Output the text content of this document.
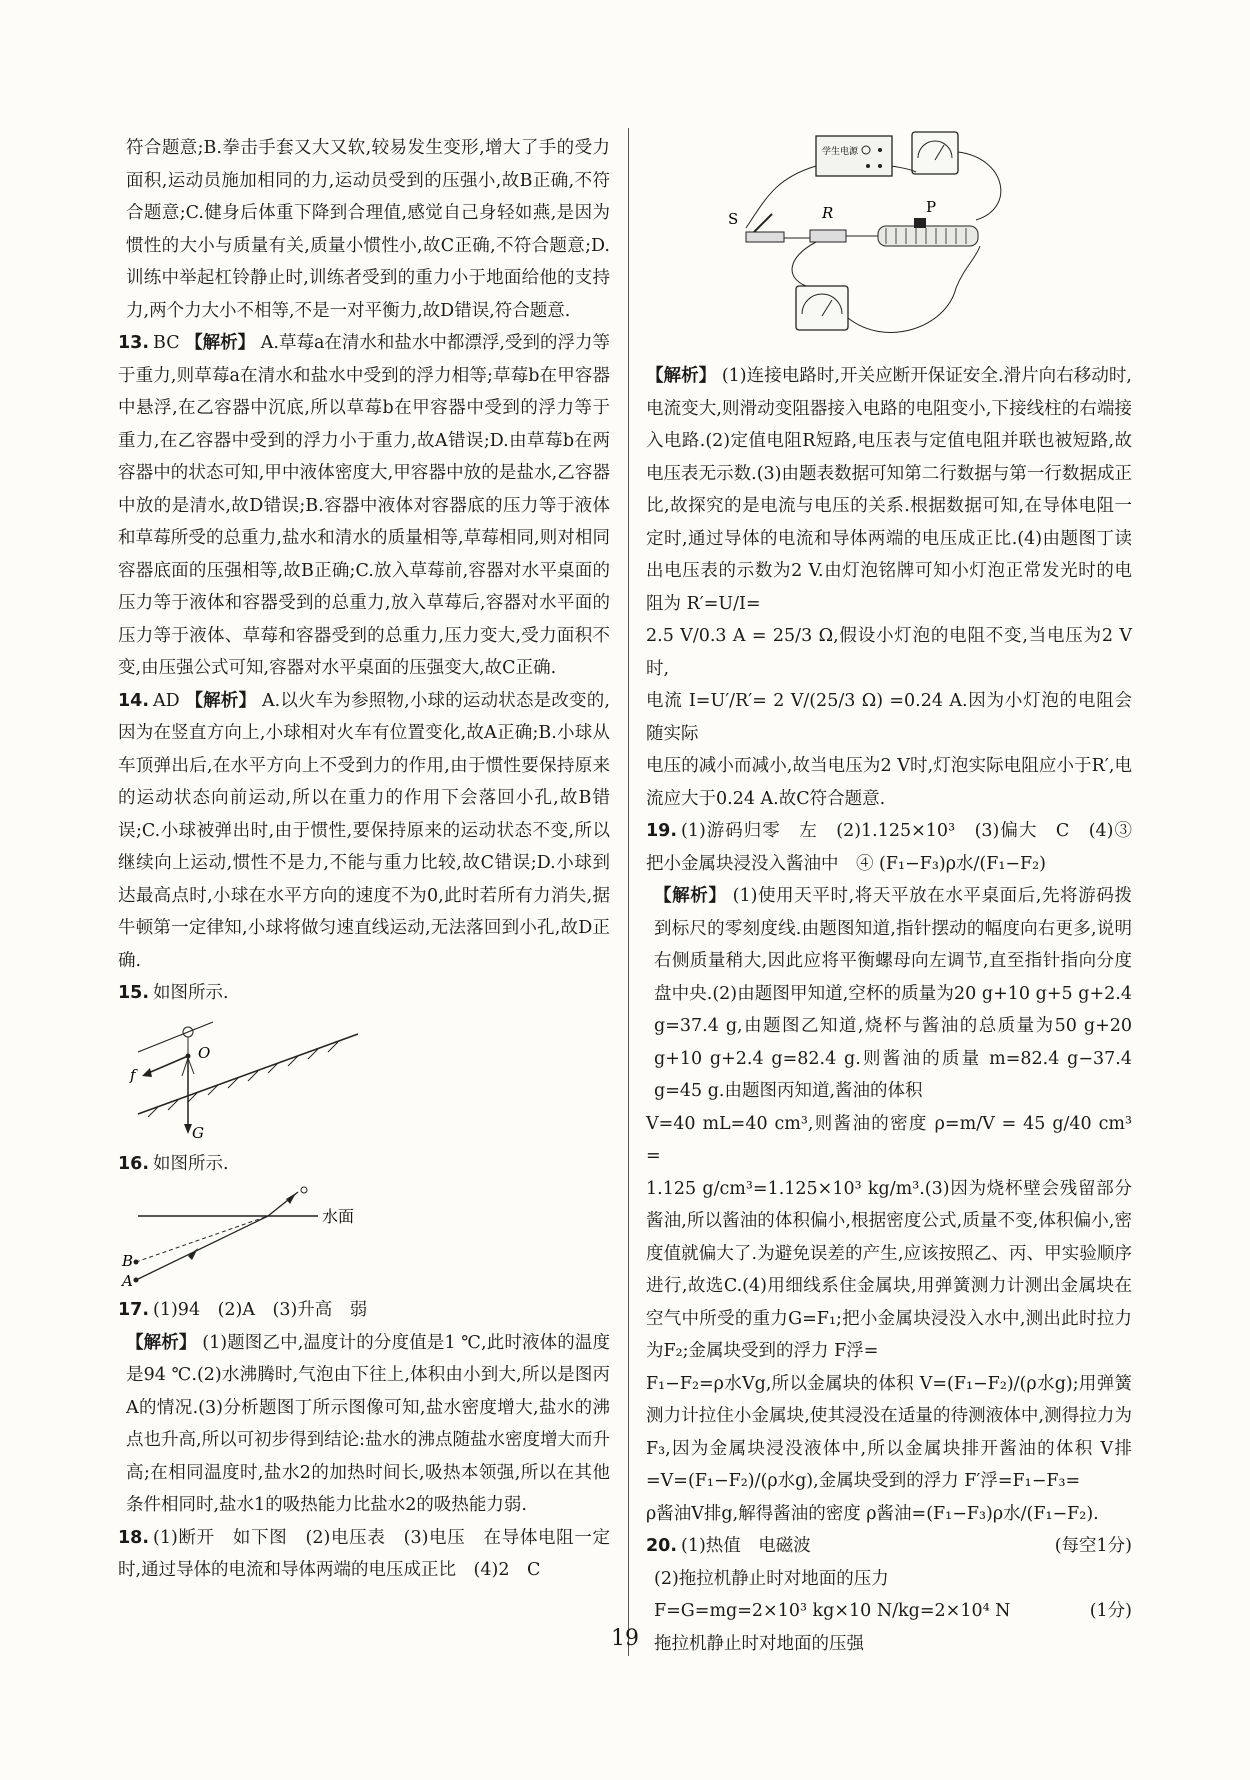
符合题意;B.拳击手套又大又软,较易发生变形,增大了手的受力面积,运动员施加相同的力,运动员受到的压强小,故B正确,不符合题意;C.健身后体重下降到合理值,感觉自己身轻如燕,是因为惯性的大小与质量有关,质量小惯性小,故C正确,不符合题意;D.训练中举起杠铃静止时,训练者受到的重力小于地面给他的支持力,两个力大小不相等,不是一对平衡力,故D错误,符合题意.

13. BC 【解析】 A.草莓a在清水和盐水中都漂浮,受到的浮力等于重力,则草莓a在清水和盐水中受到的浮力相等;草莓b在甲容器中悬浮,在乙容器中沉底,所以草莓b在甲容器中受到的浮力等于重力,在乙容器中受到的浮力小于重力,故A错误;D.由草莓b在两容器中的状态可知,甲中液体密度大,甲容器中放的是盐水,乙容器中放的是清水,故D错误;B.容器中液体对容器底的压力等于液体和草莓所受的总重力,盐水和清水的质量相等,草莓相同,则对相同容器底面的压强相等,故B正确;C.放入草莓前,容器对水平桌面的压力等于液体和容器受到的总重力,放入草莓后,容器对水平面的压力等于液体、草莓和容器受到的总重力,压力变大,受力面积不变,由压强公式可知,容器对水平桌面的压强变大,故C正确.

14. AD 【解析】 A.以火车为参照物,小球的运动状态是改变的,因为在竖直方向上,小球相对火车有位置变化,故A正确;B.小球从车顶弹出后,在水平方向上不受到力的作用,由于惯性要保持原来的运动状态向前运动,所以在重力的作用下会落回小孔,故B错误;C.小球被弹出时,由于惯性,要保持原来的运动状态不变,所以继续向上运动,惯性不是力,不能与重力比较,故C错误;D.小球到达最高点时,小球在水平方向的速度不为0,此时若所有力消失,据牛顿第一定律知,小球将做匀速直线运动,无法落回到小孔,故D正确.

15. 如图所示.

f
O
G

16. 如图所示.

水面
B
A

17. (1)94　(2)A　(3)升高　弱

【解析】 (1)题图乙中,温度计的分度值是1 ℃,此时液体的温度是94 ℃.(2)水沸腾时,气泡由下往上,体积由小到大,所以是图丙A的情况.(3)分析题图丁所示图像可知,盐水密度增大,盐水的沸点也升高,所以可初步得到结论:盐水的沸点随盐水密度增大而升高;在相同温度时,盐水2的加热时间长,吸热本领强,所以在其他条件相同时,盐水1的吸热能力比盐水2的吸热能力弱.

18. (1)断开　如下图　(2)电压表　(3)电压　在导体电阻一定时,通过导体的电流和导体两端的电压成正比　(4)2　C

学生电源
S	R	P

【解析】 (1)连接电路时,开关应断开保证安全.滑片向右移动时,电流变大,则滑动变阻器接入电路的电阻变小,下接线柱的右端接入电路.(2)定值电阻R短路,电压表与定值电阻并联也被短路,故电压表无示数.(3)由题表数据可知第二行数据与第一行数据成正比,故探究的是电流与电压的关系.根据数据可知,在导体电阻一定时,通过导体的电流和导体两端的电压成正比.(4)由题图丁读出电压表的示数为2 V.由灯泡铭牌可知小灯泡正常发光时的电阻为 R′=U/I=

2.5 V/0.3 A = 25/3 Ω,假设小灯泡的电阻不变,当电压为2 V时,

电流 I=U′/R′= 2 V/(25/3 Ω) =0.24 A.因为小灯泡的电阻会随实际

电压的减小而减小,故当电压为2 V时,灯泡实际电阻应小于R′,电流应大于0.24 A.故C符合题意.

19. (1)游码归零　左　(2)1.125×10³　(3)偏大　C　(4)③把小金属块浸没入酱油中　④ (F₁−F₃)ρ水/(F₁−F₂)

【解析】 (1)使用天平时,将天平放在水平桌面后,先将游码拨到标尺的零刻度线.由题图知道,指针摆动的幅度向右更多,说明右侧质量稍大,因此应将平衡螺母向左调节,直至指针指向分度盘中央.(2)由题图甲知道,空杯的质量为20 g+10 g+5 g+2.4 g=37.4 g,由题图乙知道,烧杯与酱油的总质量为50 g+20 g+10 g+2.4 g=82.4 g.则酱油的质量 m=82.4 g−37.4 g=45 g.由题图丙知道,酱油的体积

V=40 mL=40 cm³,则酱油的密度 ρ=m/V = 45 g/40 cm³ =

1.125 g/cm³=1.125×10³ kg/m³.(3)因为烧杯壁会残留部分酱油,所以酱油的体积偏小,根据密度公式,质量不变,体积偏小,密度值就偏大了.为避免误差的产生,应该按照乙、丙、甲实验顺序进行,故选C.(4)用细线系住金属块,用弹簧测力计测出金属块在空气中所受的重力G=F₁;把小金属块浸没入水中,测出此时拉力为F₂;金属块受到的浮力 F浮=

F₁−F₂=ρ水Vg,所以金属块的体积 V=(F₁−F₂)/(ρ水g);用弹簧测力计拉住小金属块,使其浸没在适量的待测液体中,测得拉力为F₃,因为金属块浸没液体中,所以金属块排开酱油的体积 V排=V=(F₁−F₂)/(ρ水g),金属块受到的浮力 F′浮=F₁−F₃=

ρ酱油V排g,解得酱油的密度 ρ酱油=(F₁−F₃)ρ水/(F₁−F₂).

20. (1)热值　电磁波	(每空1分)

(2)拖拉机静止时对地面的压力

F=G=mg=2×10³ kg×10 N/kg=2×10⁴ N	(1分)

拖拉机静止时对地面的压强

19
